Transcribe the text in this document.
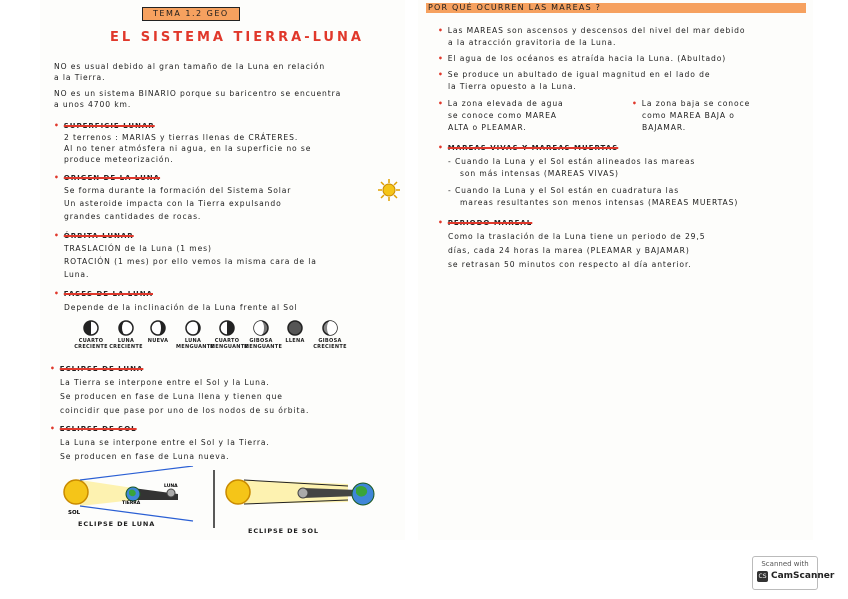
TEMA 1.2 GEO
EL SISTEMA TIERRA-LUNA
NO es usual debido al gran tamaño de la Luna en relación
a la Tierra.
NO es un sistema BINARIO porque su baricentro se encuentra
a unos 4700 km.
• SUPERFICIE LUNAR
2 terrenos : MARIAS y tierras llenas de CRÁTERES.
Al no tener atmósfera ni agua, en la superficie no se
produce meteorización.
• ORIGEN DE LA LUNA
Se forma durante la formación del Sistema Solar
Un asteroide impacta con la Tierra expulsando
grandes cantidades de rocas.
• ÓRBITA LUNAR
TRASLACIÓN de la Luna (1 mes)
ROTACIÓN (1 mes) por ello vemos la misma cara de la
Luna.
• FASES DE LA LUNA
Depende de la inclinación de la Luna frente al Sol
CUARTO CRECIENTE
LUNA CRECIENTE
NUEVA	LUNA MENGUANTE
CUARTO MENGUANTE
GIBOSA MENGUANTE
LLENA	GIBOSA CRECIENTE
• ECLIPSE DE LUNA
La Tierra se interpone entre el Sol y la Luna.
Se producen en fase de Luna llena y tienen que
coincidir que pase por uno de los nodos de su órbita.
• ECLIPSE DE SOL
La Luna se interpone entre el Sol y la Tierra.
Se producen en fase de Luna nueva.
SOL
TIERRA
LUNA
ECLIPSE DE LUNA
ECLIPSE DE SOL
POR QUÉ OCURREN LAS MAREAS ?
• Las MAREAS son ascensos y descensos del nivel del mar debido
a la atracción gravitoria de la Luna.
• El agua de los océanos es atraída hacia la Luna. (Abultado)
• Se produce un abultado de igual magnitud en el lado de
la Tierra opuesto a la Luna.
• La zona elevada de agua
se conoce como MAREA
ALTA o PLEAMAR.
• La zona baja se conoce
como MAREA BAJA o
BAJAMAR.
• MAREAS VIVAS Y MAREAS MUERTAS
- Cuando la Luna y el Sol están alineados las mareas
son más intensas (MAREAS VIVAS)
- Cuando la Luna y el Sol están en cuadratura las
mareas resultantes son menos intensas (MAREAS MUERTAS)
• PERIODO MAREAL
Como la traslación de la Luna tiene un periodo de 29,5
días, cada 24 horas la marea (PLEAMAR y BAJAMAR)
se retrasan 50 minutos con respecto al día anterior.
Scanned with
CS CamScanner
